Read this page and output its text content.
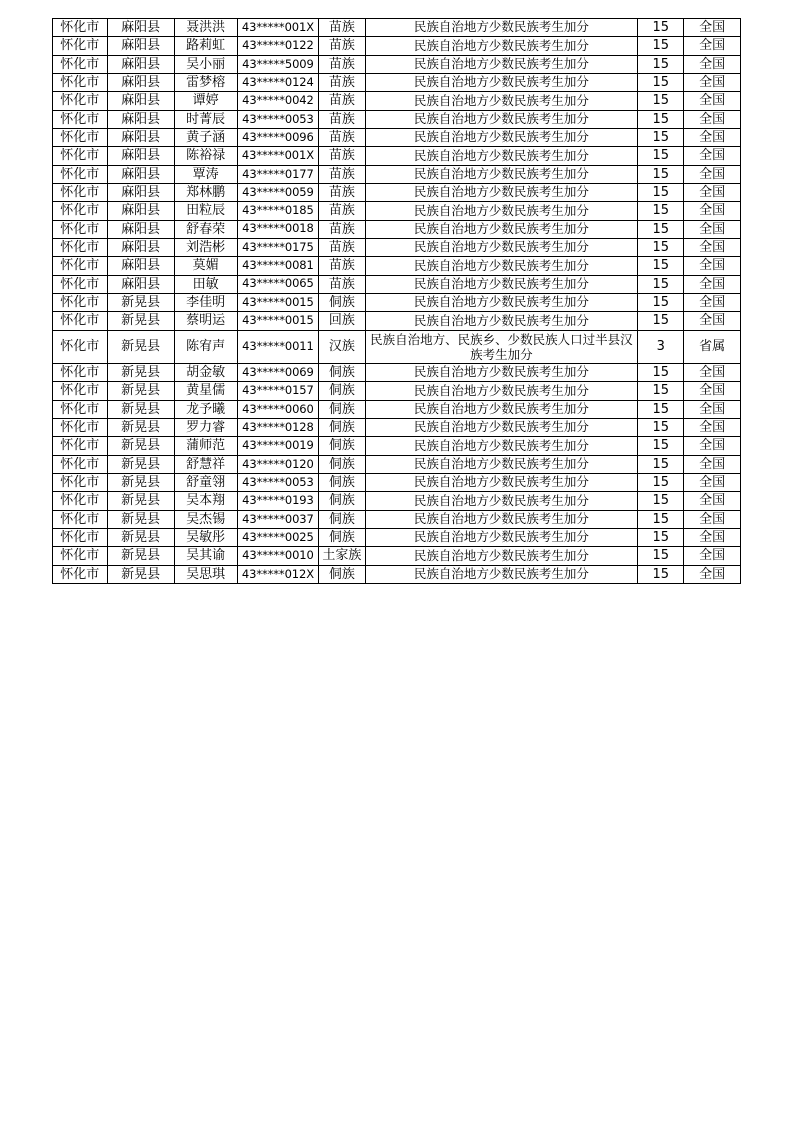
怀化市	麻阳县	聂洪洪	43*****001X	苗族	民族自治地方少数民族考生加分	15	全国
怀化市	麻阳县	路莉虹	43*****0122	苗族	民族自治地方少数民族考生加分	15	全国
怀化市	麻阳县	吴小丽	43*****5009	苗族	民族自治地方少数民族考生加分	15	全国
怀化市	麻阳县	雷梦榕	43*****0124	苗族	民族自治地方少数民族考生加分	15	全国
怀化市	麻阳县	谭婷	43*****0042	苗族	民族自治地方少数民族考生加分	15	全国
怀化市	麻阳县	时菁辰	43*****0053	苗族	民族自治地方少数民族考生加分	15	全国
怀化市	麻阳县	黄子涵	43*****0096	苗族	民族自治地方少数民族考生加分	15	全国
怀化市	麻阳县	陈裕禄	43*****001X	苗族	民族自治地方少数民族考生加分	15	全国
怀化市	麻阳县	覃涛	43*****0177	苗族	民族自治地方少数民族考生加分	15	全国
怀化市	麻阳县	郑林鹏	43*****0059	苗族	民族自治地方少数民族考生加分	15	全国
怀化市	麻阳县	田粒辰	43*****0185	苗族	民族自治地方少数民族考生加分	15	全国
怀化市	麻阳县	舒春荣	43*****0018	苗族	民族自治地方少数民族考生加分	15	全国
怀化市	麻阳县	刘浩彬	43*****0175	苗族	民族自治地方少数民族考生加分	15	全国
怀化市	麻阳县	莫媚	43*****0081	苗族	民族自治地方少数民族考生加分	15	全国
怀化市	麻阳县	田敏	43*****0065	苗族	民族自治地方少数民族考生加分	15	全国
怀化市	新晃县	李佳明	43*****0015	侗族	民族自治地方少数民族考生加分	15	全国
怀化市	新晃县	蔡明运	43*****0015	回族	民族自治地方少数民族考生加分	15	全国
怀化市	新晃县	陈宥声	43*****0011	汉族	民族自治地方、民族乡、少数民族人口过半县汉族考生加分	3	省属
怀化市	新晃县	胡金敏	43*****0069	侗族	民族自治地方少数民族考生加分	15	全国
怀化市	新晃县	黄星儒	43*****0157	侗族	民族自治地方少数民族考生加分	15	全国
怀化市	新晃县	龙予曦	43*****0060	侗族	民族自治地方少数民族考生加分	15	全国
怀化市	新晃县	罗力睿	43*****0128	侗族	民族自治地方少数民族考生加分	15	全国
怀化市	新晃县	蒲师范	43*****0019	侗族	民族自治地方少数民族考生加分	15	全国
怀化市	新晃县	舒慧祥	43*****0120	侗族	民族自治地方少数民族考生加分	15	全国
怀化市	新晃县	舒童翎	43*****0053	侗族	民族自治地方少数民族考生加分	15	全国
怀化市	新晃县	吴本翔	43*****0193	侗族	民族自治地方少数民族考生加分	15	全国
怀化市	新晃县	吴杰锡	43*****0037	侗族	民族自治地方少数民族考生加分	15	全国
怀化市	新晃县	吴敏彤	43*****0025	侗族	民族自治地方少数民族考生加分	15	全国
怀化市	新晃县	吴其谕	43*****0010	土家族	民族自治地方少数民族考生加分	15	全国
怀化市	新晃县	吴思琪	43*****012X	侗族	民族自治地方少数民族考生加分	15	全国
